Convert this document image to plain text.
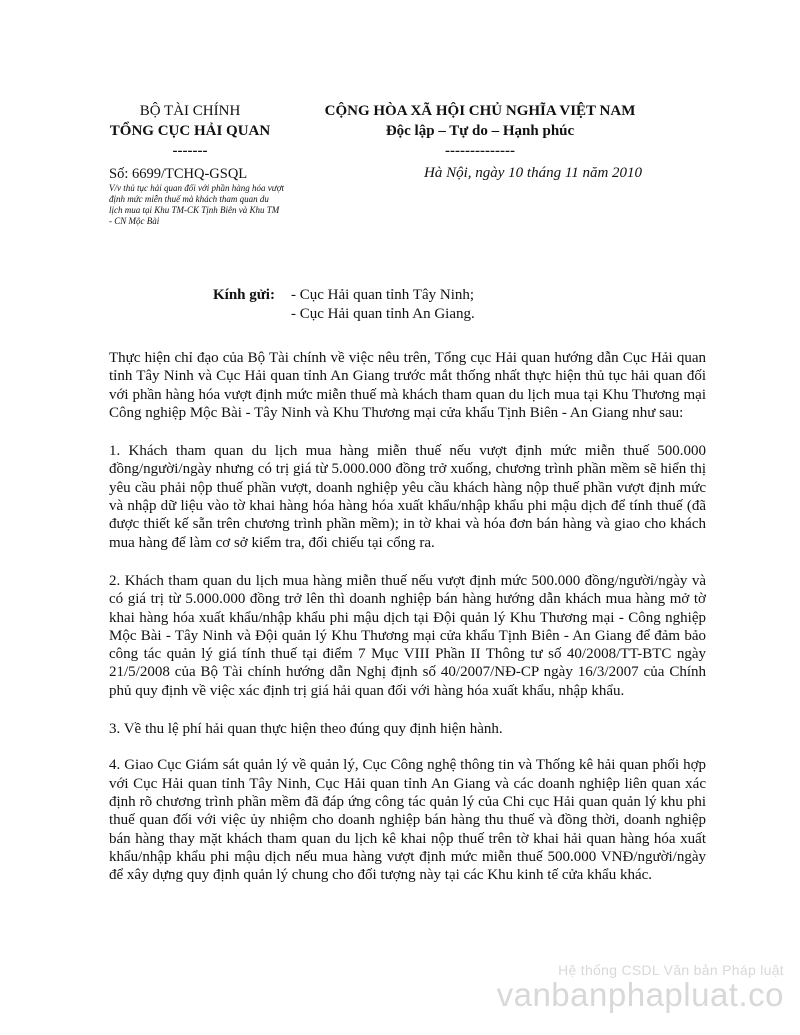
BỘ TÀI CHÍNH
TỔNG CỤC HẢI QUAN
-------
CỘNG HÒA XÃ HỘI CHỦ NGHĨA VIỆT NAM
Độc lập – Tự do – Hạnh phúc
--------------
Số: 6699/TCHQ-GSQL
V/v thủ tục hải quan đối với phần hàng hóa vượt định mức miễn thuế mà khách tham quan du lịch mua tại Khu TM-CK Tịnh Biên và Khu TM - CN Mộc Bài
Hà Nội, ngày 10 tháng 11 năm 2010
Kính gửi: - Cục Hải quan tỉnh Tây Ninh;
- Cục Hải quan tỉnh An Giang.

Thực hiện chỉ đạo của Bộ Tài chính về việc nêu trên, Tổng cục Hải quan hướng dẫn Cục Hải quan tỉnh Tây Ninh và Cục Hải quan tỉnh An Giang trước mắt thống nhất thực hiện thủ tục hải quan đối với phần hàng hóa vượt định mức miễn thuế mà khách tham quan du lịch mua tại Khu Thương mại Công nghiệp Mộc Bài - Tây Ninh và Khu Thương mại cửa khẩu Tịnh Biên - An Giang như sau:

1. Khách tham quan du lịch mua hàng miễn thuế nếu vượt định mức miễn thuế 500.000 đồng/người/ngày nhưng có trị giá từ 5.000.000 đồng trở xuống, chương trình phần mềm sẽ hiển thị yêu cầu phải nộp thuế phần vượt, doanh nghiệp yêu cầu khách hàng nộp thuế phần vượt định mức và nhập dữ liệu vào tờ khai hàng hóa hàng hóa xuất khẩu/nhập khẩu phi mậu dịch để tính thuế (đã được thiết kế sẵn trên chương trình phần mềm); in tờ khai và hóa đơn bán hàng và giao cho khách mua hàng để làm cơ sở kiểm tra, đối chiếu tại cổng ra.

2. Khách tham quan du lịch mua hàng miễn thuế nếu vượt định mức 500.000 đồng/người/ngày và có giá trị từ 5.000.000 đồng trở lên thì doanh nghiệp bán hàng hướng dẫn khách mua hàng mở tờ khai hàng hóa xuất khẩu/nhập khẩu phi mậu dịch tại Đội quản lý Khu Thương mại - Công nghiệp Mộc Bài - Tây Ninh và Đội quản lý Khu Thương mại cửa khẩu Tịnh Biên - An Giang để đảm bảo công tác quản lý giá tính thuế tại điểm 7 Mục VIII Phần II Thông tư số 40/2008/TT-BTC ngày 21/5/2008 của Bộ Tài chính hướng dẫn Nghị định số 40/2007/NĐ-CP ngày 16/3/2007 của Chính phủ quy định về việc xác định trị giá hải quan đối với hàng hóa xuất khẩu, nhập khẩu.

3. Về thu lệ phí hải quan thực hiện theo đúng quy định hiện hành.

4. Giao Cục Giám sát quản lý về quản lý, Cục Công nghệ thông tin và Thống kê hải quan phối hợp với Cục Hải quan tỉnh Tây Ninh, Cục Hải quan tỉnh An Giang và các doanh nghiệp liên quan xác định rõ chương trình phần mềm đã đáp ứng công tác quản lý của Chi cục Hải quan quản lý khu phi thuế quan đối với việc ủy nhiệm cho doanh nghiệp bán hàng thu thuế và đồng thời, doanh nghiệp bán hàng thay mặt khách tham quan du lịch kê khai nộp thuế trên tờ khai hải quan hàng hóa xuất khẩu/nhập khẩu phi mậu dịch nếu mua hàng vượt định mức miễn thuế 500.000 VNĐ/người/ngày để xây dựng quy định quản lý chung cho đối tượng này tại các Khu kinh tế cửa khẩu khác.

Hệ thống CSDL Văn bản Pháp luật
vanbanphapluat.co
